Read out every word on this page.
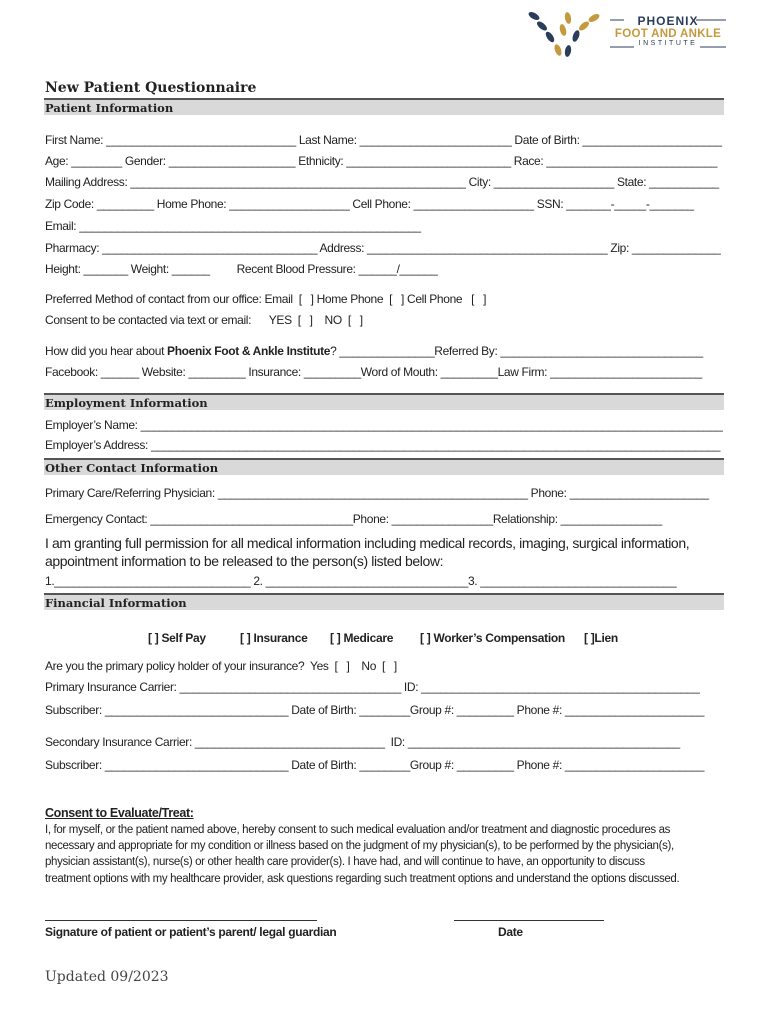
PHOENIX
FOOT AND ANKLE
INSTITUTE
New Patient Questionnaire
Patient Information
First Name: ______________________________ Last Name: ________________________ Date of Birth: ______________________
Age: ________ Gender: ____________________ Ethnicity: __________________________ Race: ___________________________
Mailing Address: _____________________________________________________ City: ___________________ State: ___________
Zip Code: _________ Home Phone: ___________________ Cell Phone: ___________________ SSN: _______-_____-_______
Email: ______________________________________________________
Pharmacy: __________________________________ Address: ______________________________________ Zip: ______________
Height: _______ Weight: ______         Recent Blood Pressure: ______/______
Preferred Method of contact from our office: Email  [   ] Home Phone  [   ] Cell Phone   [   ]
Consent to be contacted via text or email:      YES  [   ]    NO  [   ]
How did you hear about Phoenix Foot & Ankle Institute? _______________Referred By: ________________________________
Facebook: ______ Website: _________ Insurance: _________Word of Mouth: _________Law Firm: ________________________
Employment Information
Employer’s Name: ____________________________________________________________________________________________
Employer’s Address: __________________________________________________________________________________________
Other Contact Information
Primary Care/Referring Physician: _________________________________________________ Phone: ______________________
Emergency Contact: ________________________________Phone: ________________Relationship: ________________
I am granting full permission for all medical information including medical records, imaging, surgical information,
appointment information to be released to the person(s) listed below:
1._______________________________ 2. ________________________________3. _______________________________
Financial Information
[ ] Self Pay	[ ] Insurance [ ] Medicare [ ] Worker’s Compensation [ ]Lien
Are you the primary policy holder of your insurance?  Yes  [   ]    No  [   ]
Primary Insurance Carrier: ___________________________________ ID: ____________________________________________
Subscriber: _____________________________ Date of Birth: ________Group #: _________ Phone #: ______________________
Secondary Insurance Carrier: ______________________________  ID: ___________________________________________
Subscriber: _____________________________ Date of Birth: ________Group #: _________ Phone #: ______________________
Consent to Evaluate/Treat:
I, for myself, or the patient named above, hereby consent to such medical evaluation and/or treatment and diagnostic procedures as
necessary and appropriate for my condition or illness based on the judgment of my physician(s), to be performed by the physician(s),
physician assistant(s), nurse(s) or other health care provider(s). I have had, and will continue to have, an opportunity to discuss
treatment options with my healthcare provider, ask questions regarding such treatment options and understand the options discussed.
Signature of patient or patient’s parent/ legal guardian	Date
Updated 09/2023
